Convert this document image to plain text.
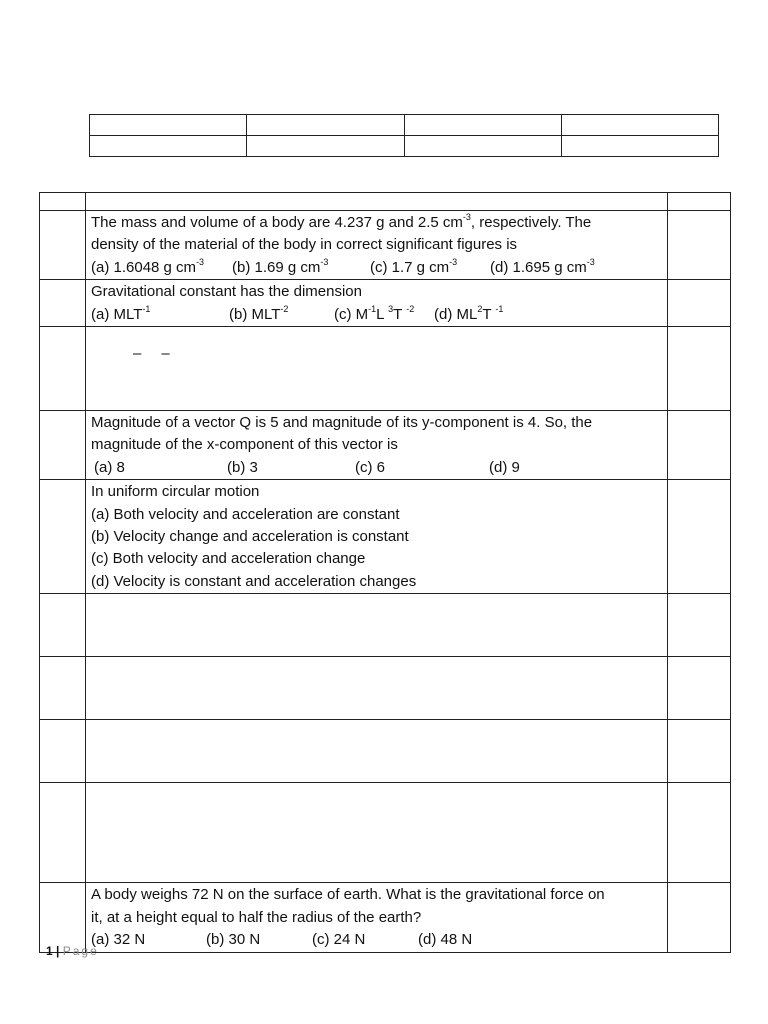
	The mass and volume of a body are 4.237 g and 2.5 $cm^{-3}$, respectively. The
density of the material of the body in correct significant figures is
(a) 1.6048 g $cm^{-3}$ (b) 1.69 g $cm^{-3}$ (c) 1.7 g $cm^{-3}$ (d) 1.695 g $cm^{-3}$

	Gravitational constant has the dimension
(a) $MLT^{-1}$ (b) $MLT^{-2}$ (c) $M^{-1}L$ $^3$T $^{-2}$ (d) $ML^2T$ $^{-1}$

	– –	

	Magnitude of a vector Q is 5 and magnitude of its y-component is 4. So, the
magnitude of the x-component of this vector is
(a) 8 (b) 3 (c) 6 (d) 9	

	In uniform circular motion
(a) Both velocity and acceleration are constant
(b) Velocity change and acceleration is constant
(c) Both velocity and acceleration change
(d) Velocity is constant and acceleration changes	

	A body weighs 72 N on the surface of earth. What is the gravitational force on
it, at a height equal to half the radius of the earth?
(a) 32 N (b) 30 N (c) 24 N (d) 48 N	

1 | Page
